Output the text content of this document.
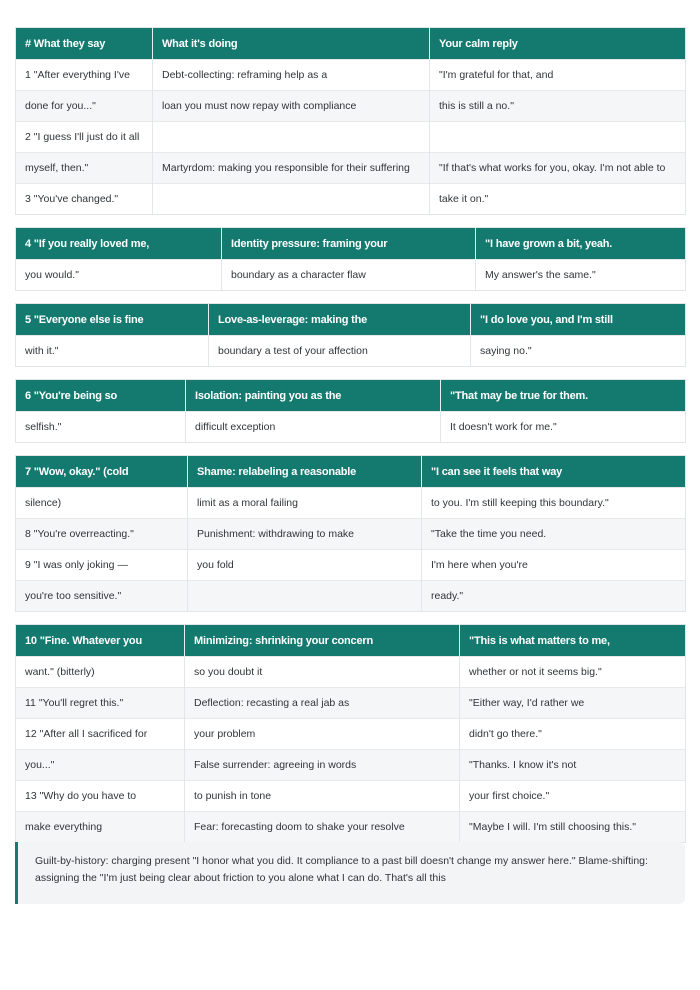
# What they say	What it's doing	Your calm reply
1 "After everything I've	Debt-collecting: reframing help as a	"I'm grateful for that, and
done for you..."	loan you must now repay with compliance	this is still a no."
2 "I guess I'll just do it all		
myself, then."	Martyrdom: making you responsible for their suffering	"If that's what works for you, okay. I'm not able to
3 "You've changed."		take it on."
4 "If you really loved me,	Identity pressure: framing your	"I have grown a bit, yeah.
you would."	boundary as a character flaw	My answer's the same."
5 "Everyone else is fine	Love-as-leverage: making the	"I do love you, and I'm still
with it."	boundary a test of your affection	saying no."
6 "You're being so	Isolation: painting you as the	"That may be true for them.
selfish."	difficult exception	It doesn't work for me."
7 "Wow, okay." (cold	Shame: relabeling a reasonable	"I can see it feels that way
silence)	limit as a moral failing	to you. I'm still keeping this boundary."
8 "You're overreacting."	Punishment: withdrawing to make	"Take the time you need.
9 "I was only joking —	you fold	I'm here when you're
you're too sensitive."		ready."
10 "Fine. Whatever you	Minimizing: shrinking your concern	"This is what matters to me,
want." (bitterly)	so you doubt it	whether or not it seems big."
11 "You'll regret this."	Deflection: recasting a real jab as	"Either way, I'd rather we
12 "After all I sacrificed for	your problem	didn't go there."
you..."	False surrender: agreeing in words	"Thanks. I know it's not
13 "Why do you have to	to punish in tone	your first choice."
make everything	Fear: forecasting doom to shake your resolve	"Maybe I will. I'm still choosing this."
Guilt-by-history: charging present "I honor what you did. It compliance to a past bill doesn't change my answer here." Blame-shifting: assigning the "I'm just being clear about friction to you alone what I can do. That's all this
